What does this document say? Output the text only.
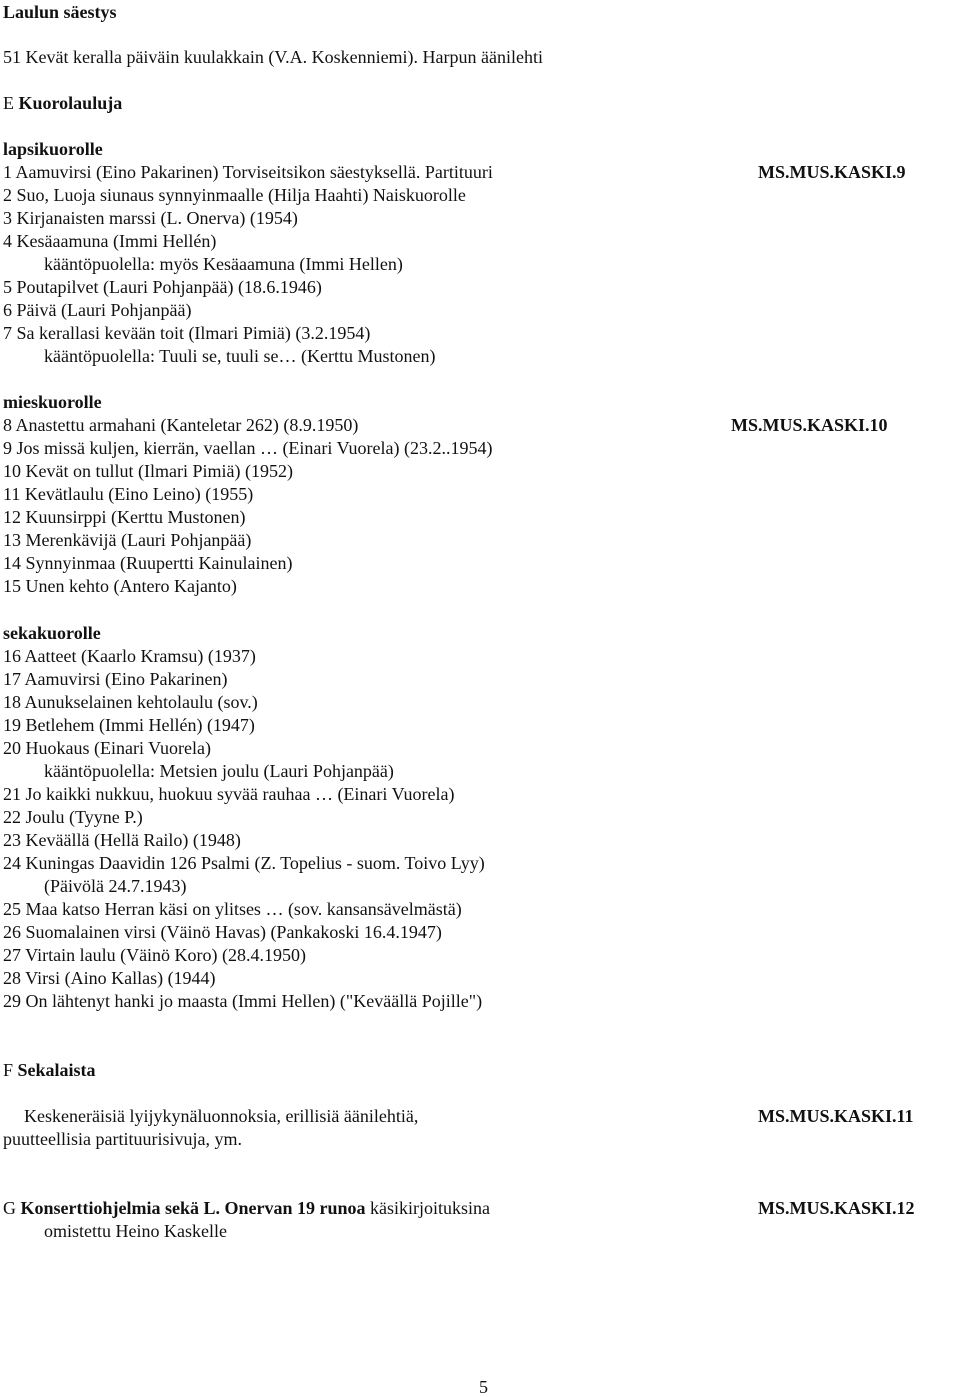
Laulun säestys
51 Kevät keralla päiväin kuulakkain (V.A. Koskenniemi). Harpun äänilehti
E Kuorolauluja
lapsikuorolle
MS.MUS.KASKI.9
1 Aamuvirsi (Eino Pakarinen) Torviseitsikon säestyksellä. Partituuri
2 Suo, Luoja siunaus synnyinmaalle (Hilja Haahti) Naiskuorolle
3 Kirjanaisten marssi (L. Onerva) (1954)
4 Kesäaamuna (Immi Hellén)
kääntöpuolella: myös Kesäaamuna (Immi Hellen)
5 Poutapilvet (Lauri Pohjanpää) (18.6.1946)
6 Päivä (Lauri Pohjanpää)
7 Sa kerallasi kevään toit (Ilmari Pimiä) (3.2.1954)
kääntöpuolella: Tuuli se, tuuli se… (Kerttu Mustonen)
mieskuorolle
MS.MUS.KASKI.10
8 Anastettu armahani (Kanteletar 262) (8.9.1950)
9 Jos missä kuljen, kierrän, vaellan … (Einari Vuorela) (23.2..1954)
10 Kevät on tullut (Ilmari Pimiä) (1952)
11 Kevätlaulu (Eino Leino) (1955)
12 Kuunsirppi (Kerttu Mustonen)
13 Merenkävijä (Lauri Pohjanpää)
14 Synnyinmaa (Ruupertti Kainulainen)
15 Unen kehto (Antero Kajanto)
sekakuorolle
16 Aatteet (Kaarlo Kramsu) (1937)
17 Aamuvirsi (Eino Pakarinen)
18 Aunukselainen kehtolaulu (sov.)
19 Betlehem (Immi Hellén) (1947)
20 Huokaus (Einari Vuorela)
kääntöpuolella: Metsien joulu (Lauri Pohjanpää)
21 Jo kaikki nukkuu, huokuu syvää rauhaa … (Einari Vuorela)
22 Joulu (Tyyne P.)
23 Keväällä (Hellä Railo) (1948)
24 Kuningas Daavidin 126 Psalmi (Z. Topelius - suom. Toivo Lyy)
(Päivölä 24.7.1943)
25 Maa katso Herran käsi on ylitses … (sov. kansansävelmästä)
26 Suomalainen virsi (Väinö Havas) (Pankakoski 16.4.1947)
27 Virtain laulu (Väinö Koro) (28.4.1950)
28 Virsi (Aino Kallas) (1944)
29 On lähtenyt hanki jo maasta (Immi Hellen) ("Keväällä Pojille")
F Sekalaista
Keskeneräisiä lyijykynäluonnoksia, erillisiä äänilehtiä,	MS.MUS.KASKI.11
puutteellisia partituurisivuja, ym.
G Konserttiohjelmia sekä L. Onervan 19 runoa käsikirjoituksina	MS.MUS.KASKI.12
omistettu Heino Kaskelle
5
